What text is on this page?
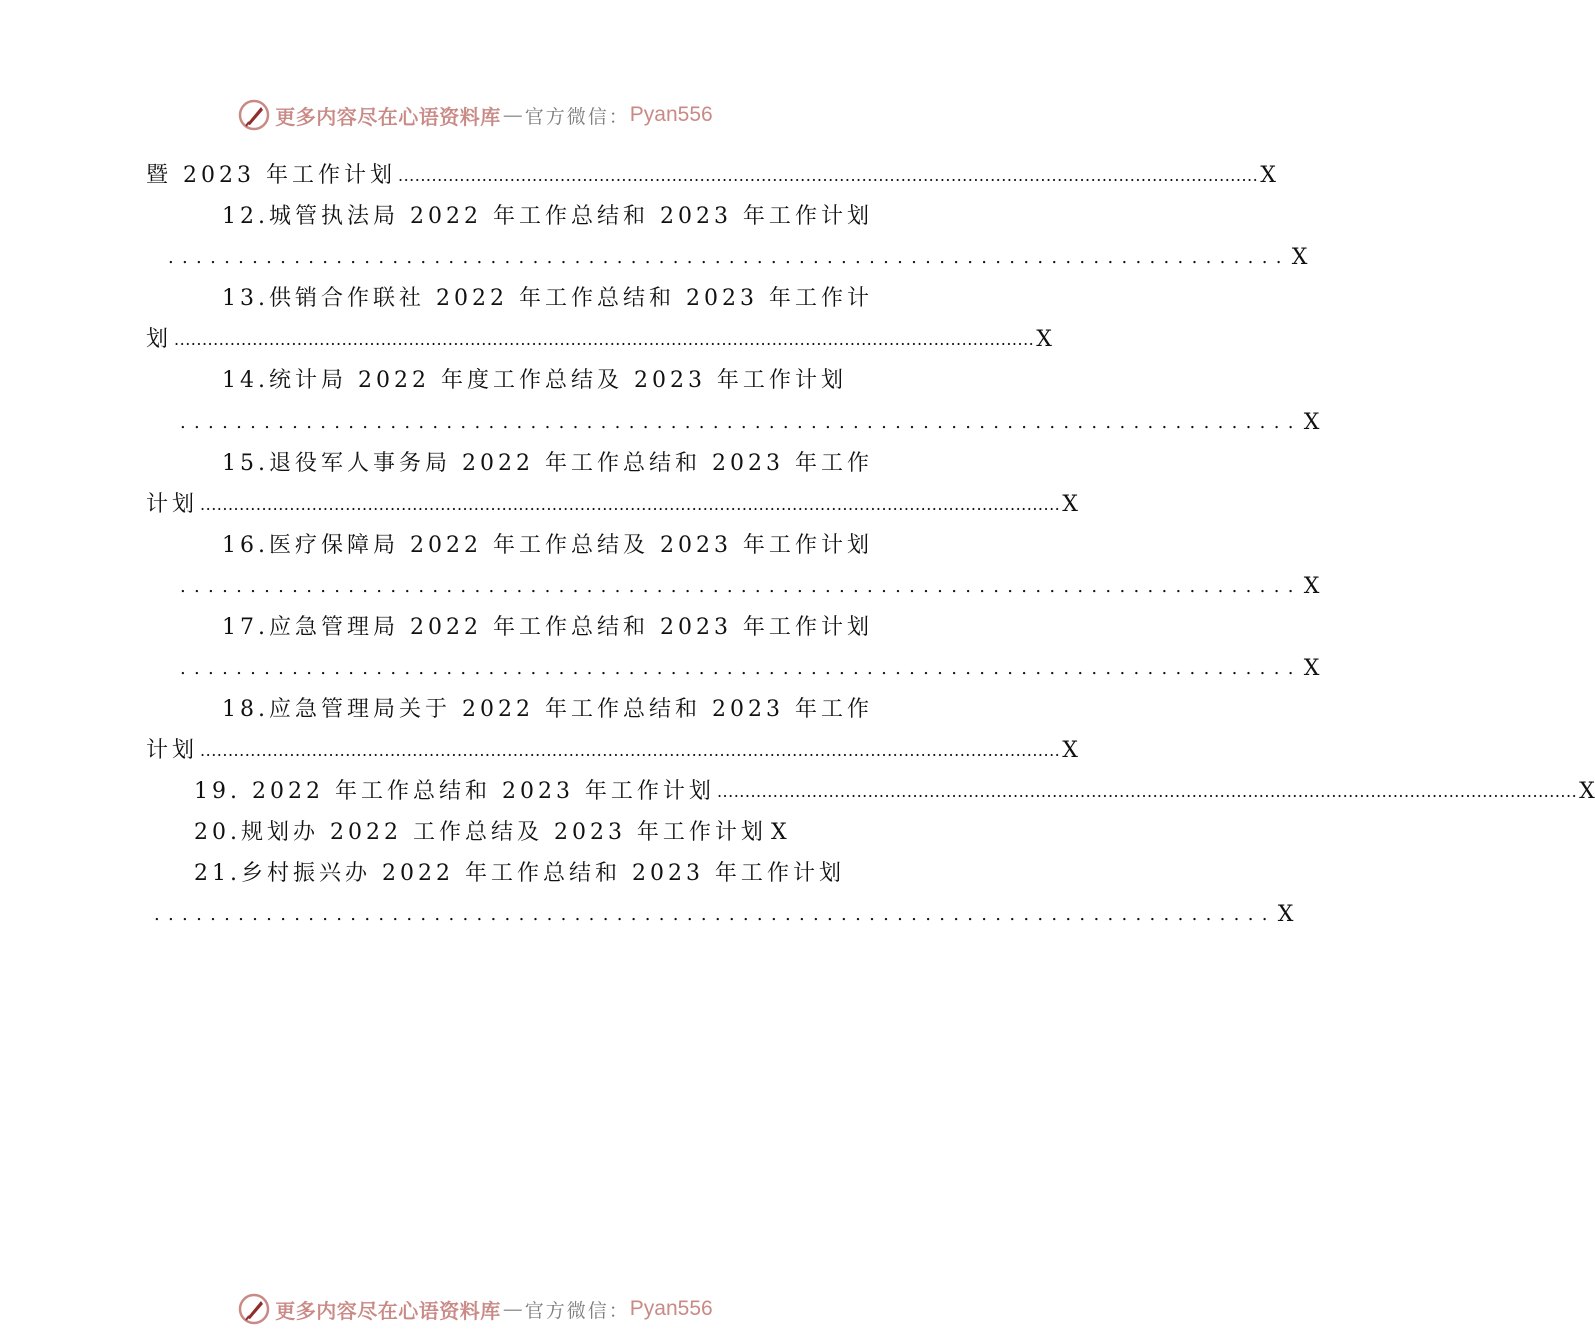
更多内容尽在心语资料库 — 官方微信： Pyan556
暨 2023 年工作计划 .......................................................................................................................................................... X
12.城管执法局 2022 年工作总结和 2023 年工作计划
................................................................................ X
13.供销合作联社 2022 年工作总结和 2023 年工作计
划 .......................................................................................................................................................... X
14.统计局 2022 年度工作总结及 2023 年工作计划
................................................................................ X
15.退役军人事务局 2022 年工作总结和 2023 年工作
计划 .......................................................................................................................................................... X
16.医疗保障局 2022 年工作总结及 2023 年工作计划
................................................................................ X
17.应急管理局 2022 年工作总结和 2023 年工作计划
................................................................................ X
18.应急管理局关于 2022 年工作总结和 2023 年工作
计划 .......................................................................................................................................................... X
19. 2022 年工作总结和 2023 年工作计划 .......................................................................................................................................................... X
20.规划办 2022 工作总结及 2023 年工作计划 X
21.乡村振兴办 2022 年工作总结和 2023 年工作计划
................................................................................ X
更多内容尽在心语资料库 — 官方微信： Pyan556
